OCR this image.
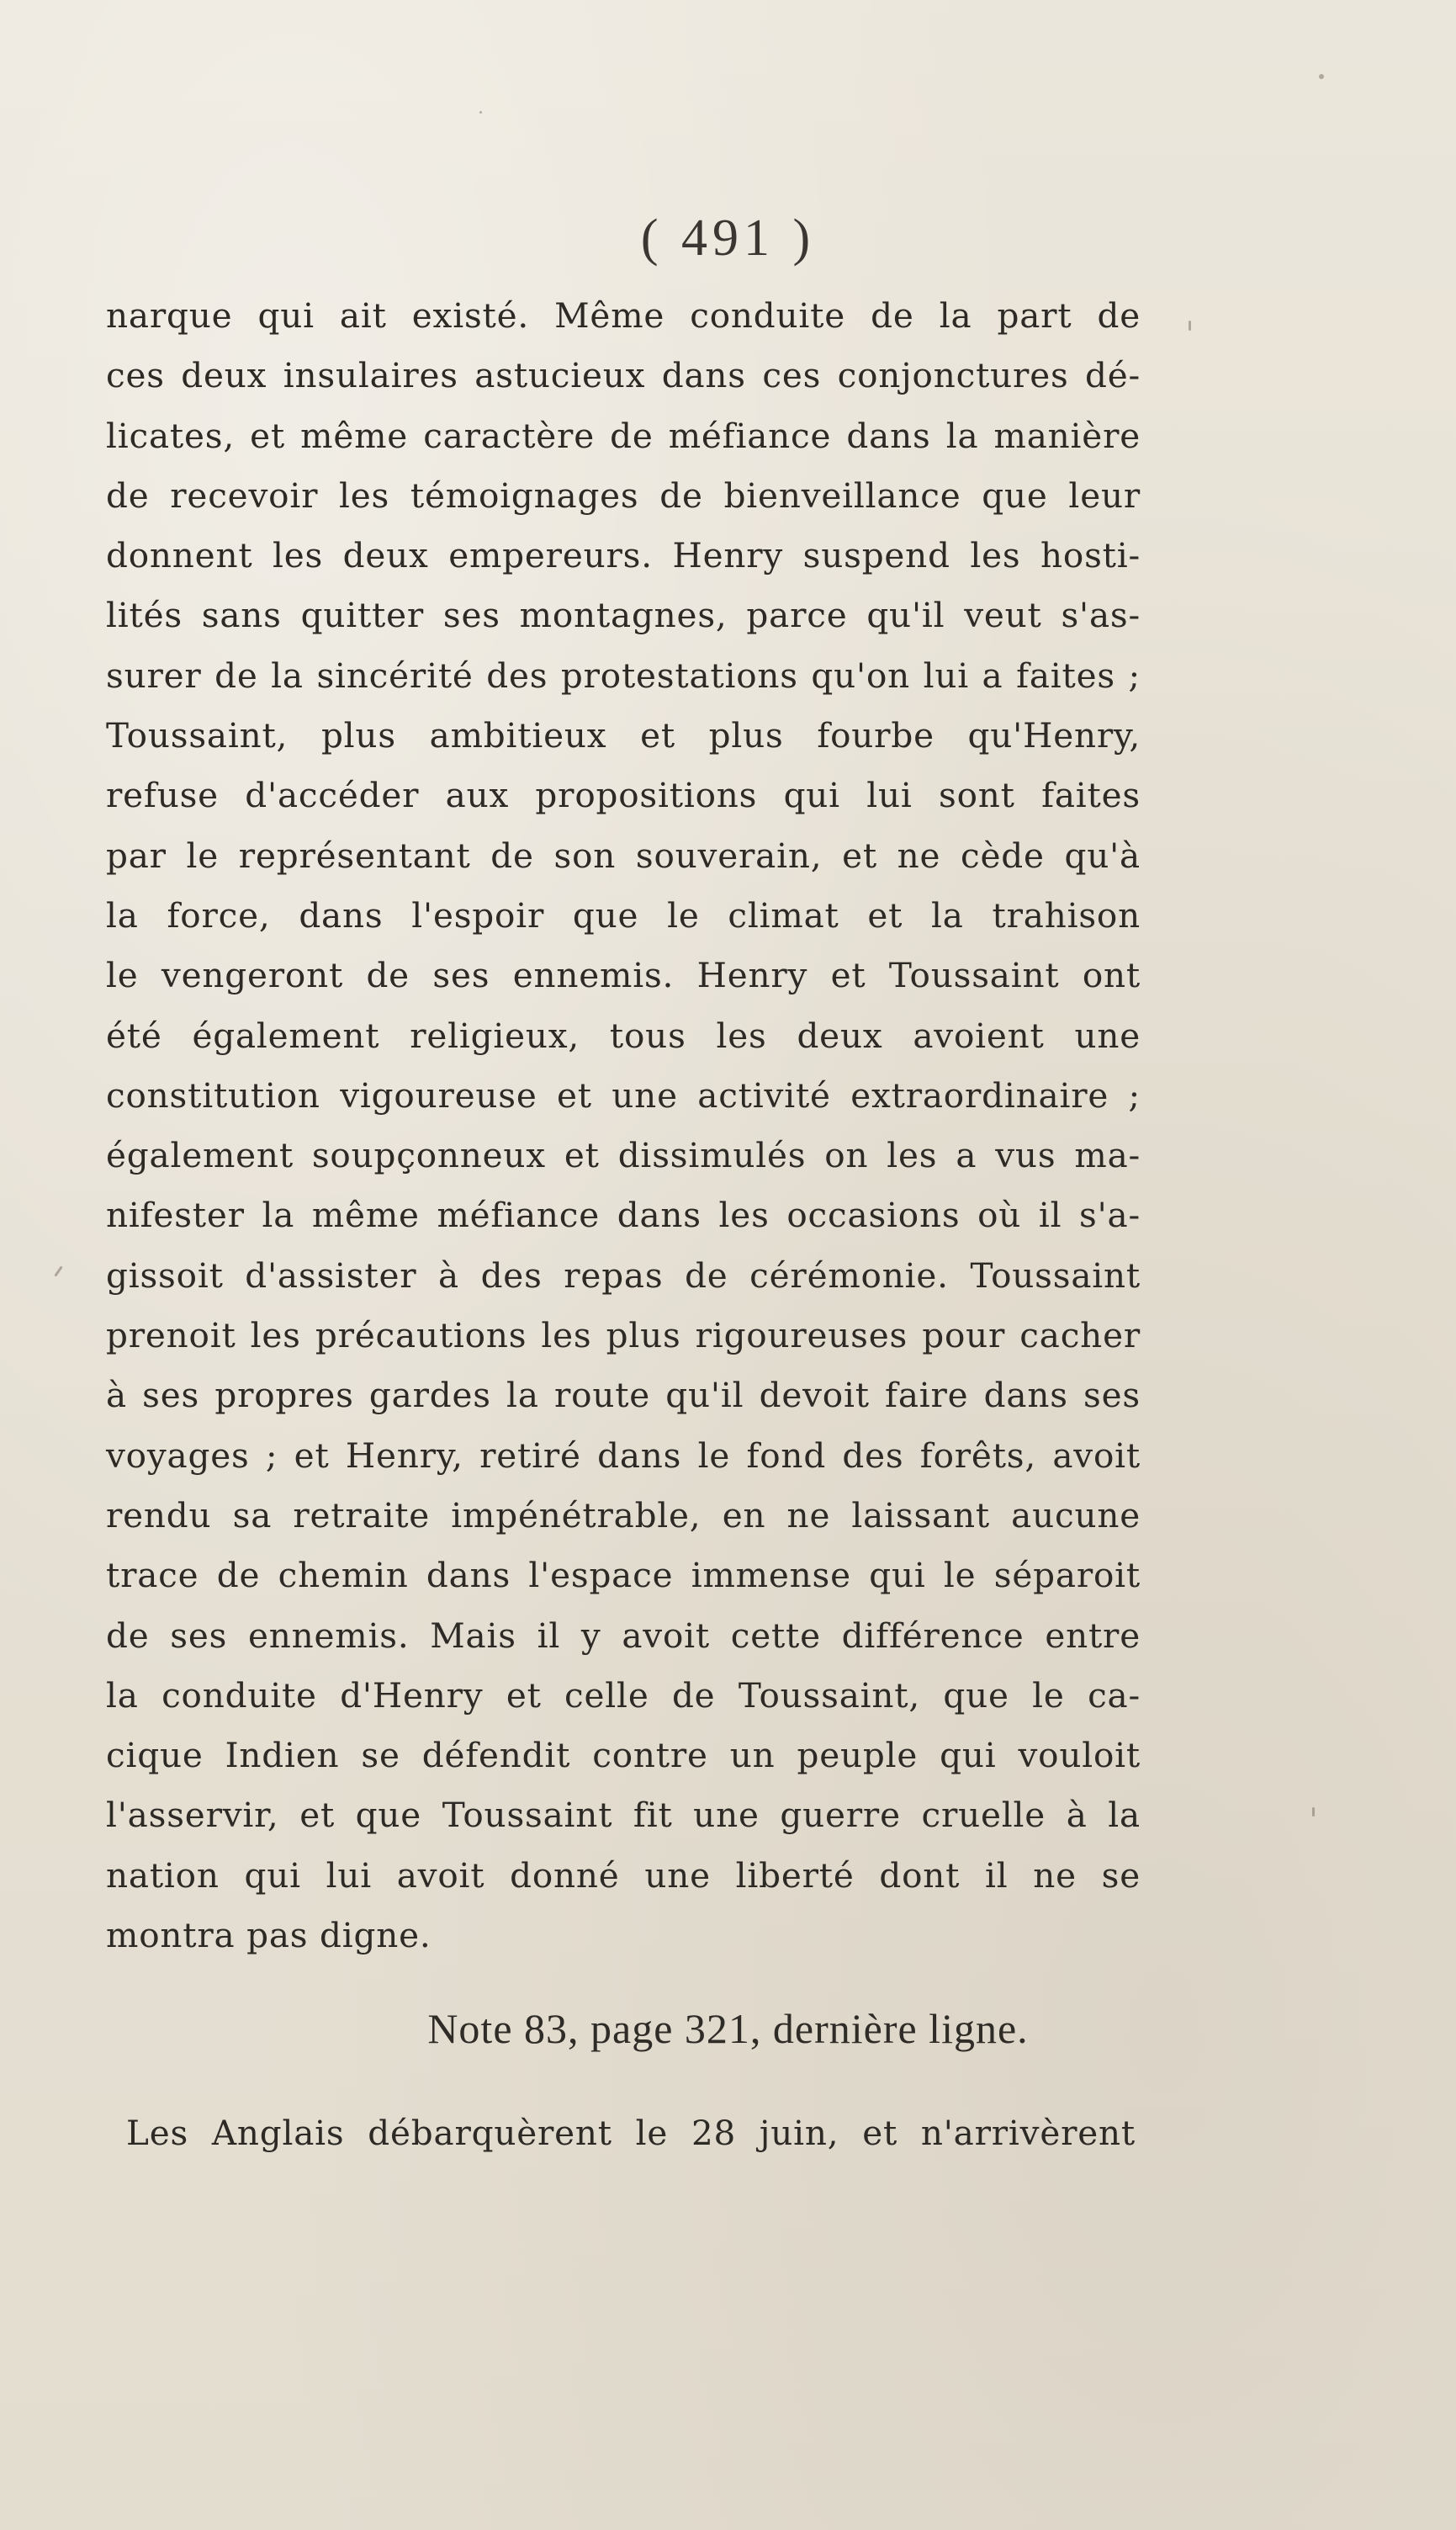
( 491 )
narque qui ait existé. Même conduite de la part de
ces deux insulaires astucieux dans ces conjonctures dé-
licates, et même caractère de méfiance dans la manière
de recevoir les témoignages de bienveillance que leur
donnent les deux empereurs. Henry suspend les hosti-
lités sans quitter ses montagnes, parce qu'il veut s'as-
surer de la sincérité des protestations qu'on lui a faites ;
Toussaint, plus ambitieux et plus fourbe qu'Henry,
refuse d'accéder aux propositions qui lui sont faites
par le représentant de son souverain, et ne cède qu'à
la force, dans l'espoir que le climat et la trahison
le vengeront de ses ennemis. Henry et Toussaint ont
été également religieux, tous les deux avoient une
constitution vigoureuse et une activité extraordinaire ;
également soupçonneux et dissimulés on les a vus ma-
nifester la même méfiance dans les occasions où il s'a-
gissoit d'assister à des repas de cérémonie. Toussaint
prenoit les précautions les plus rigoureuses pour cacher
à ses propres gardes la route qu'il devoit faire dans ses
voyages ; et Henry, retiré dans le fond des forêts, avoit
rendu sa retraite impénétrable, en ne laissant aucune
trace de chemin dans l'espace immense qui le séparoit
de ses ennemis. Mais il y avoit cette différence entre
la conduite d'Henry et celle de Toussaint, que le ca-
cique Indien se défendit contre un peuple qui vouloit
l'asservir, et que Toussaint fit une guerre cruelle à la
nation qui lui avoit donné une liberté dont il ne se
montra pas digne.
Note 83, page 321, dernière ligne.
Les Anglais débarquèrent le 28 juin, et n'arrivèrent
